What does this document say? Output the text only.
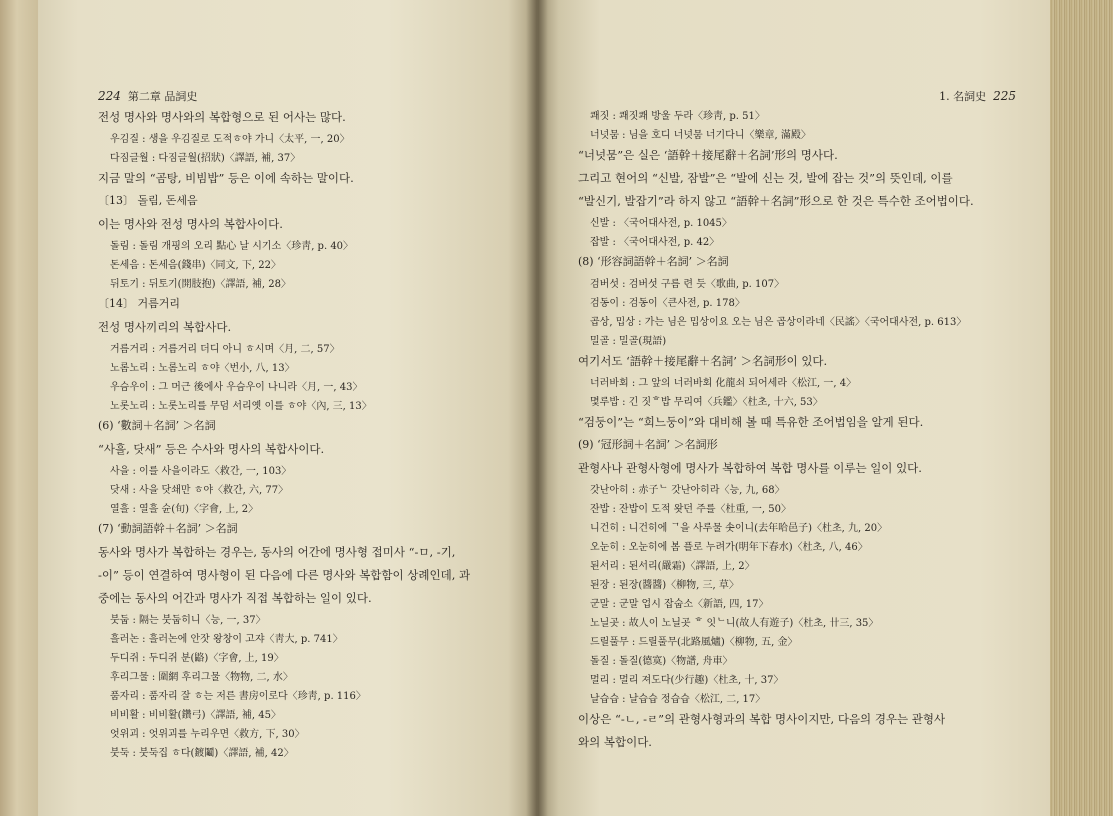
224 第二章 品詞史
전성 명사와 명사와의 복합형으로 된 어사는 많다.
우김질 : 생을 우김질로 도적ㅎ야 가니〈太平, 一, 20〉
다짐글월 : 다짐글월(招狀)〈譯語, 補, 37〉
지금 말의 “곰탕, 비빔밥” 등은 이에 속하는 말이다.
〔13〕 돌림, 돈세음
이는 명사와 전성 명사의 복합사이다.
돌림 : 돌림 개핑의 오리 點心 날 시기소〈珍靑, p. 40〉
돈세음 : 돈세음(錢串)〈同文, 下, 22〉
뒤토기 : 뒤토기(開肢抱)〈譯語, 補, 28〉
〔14〕 거름거리
전성 명사끼리의 복합사다.
거름거리 : 거름거리 더디 아니 ㅎ시며〈月, 二, 57〉
노롬노리 : 노롬노리 ㅎ야〈번小, 八, 13〉
우슴우이 : 그 머근 後에사 우슴우이 나니라〈月, 一, 43〉
노롯노리 : 노롯노리를 무덤 서리옛 이를 ㅎ야〈內, 三, 13〉
(6) ‘數詞＋名詞’ ＞名詞
“사흘, 닷새” 등은 수사와 명사의 복합사이다.
사을 : 이를 사을이라도〈救간, 一, 103〉
닷새 : 사을 닷쇄만 ㅎ야〈救간, 六, 77〉
열흘 : 열흘 슌(旬)〈字會, 上, 2〉
(7) ‘動詞語幹＋名詞’ ＞名詞
동사와 명사가 복합하는 경우는, 동사의 어간에 명사형 접미사 “-ㅁ, -기,
-이” 등이 연결하여 명사형이 된 다음에 다른 명사와 복합함이 상례인데, 과
중에는 동사의 어간과 명사가 직접 복합하는 일이 있다.
붓둡 : 隔는 붓둡히니〈능, 一, 37〉
흘러논 : 흘러논에 안잣 왕창이 고쟈〈靑大, p. 741〉
두디쥐 : 두디쥐 분(䶅)〈字會, 上, 19〉
후리그물 : 圍網 후리그물〈物物, 二, 水〉
품자리 : 품자리 잘 ㅎ는 저른 書房이로다〈珍靑, p. 116〉
비비활 : 비비활(鑽弓)〈譯語, 補, 45〉
엇위괴 : 엇위괴를 누리우면〈救方, 下, 30〉
붓둑 : 붓둑집 ㅎ다(鍍鬮)〈譯語, 補, 42〉
1. 名詞史 225
쾌짓 : 쾌짓쾌 방울 두라〈珍靑, p. 51〉
너넛뭄 : 님을 호디 너넛뭄 너기다니〈樂章, 滿殿〉
“너넛뭄”은 실은 ‘語幹＋接尾辭＋名詞’形의 명사다.
그리고 현어의 “신발, 잠발”은 “발에 신는 것, 발에 잡는 것”의 뜻인데, 이를
“발신기, 발잡기”라 하지 않고 “語幹＋名詞”形으로 한 것은 특수한 조어법이다.
신발 : 〈국어대사전, p. 1045〉
잡발 : 〈국어대사전, p. 42〉
(8) ‘形容詞語幹＋名詞’ ＞名詞
검버섯 : 검버섯 구름 련 듯〈歌曲, p. 107〉
검동이 : 검동이〈큰사전, p. 178〉
곱상, 밉상 : 가는 님은 밉상이요 오는 님은 곱상이라네〈民謠〉〈국어대사전, p. 613〉
밀골 : 밀골(現語)
여기서도 ‘語幹＋接尾辭＋名詞’ ＞名詞形이 있다.
너러바회 : 그 앞의 너러바회 化龍쇠 되어세라〈松江, 一, 4〉
몇루밥 : 긴 짓ᄒ밥 무리여〈兵鑑〉〈杜초, 十六, 53〉
“검둥이”는 “희느둥이”와 대비해 볼 때 특유한 조어법임을 알게 된다.
(9) ‘冠形詞＋名詞’ ＞名詞形
관형사나 관형사형에 명사가 복합하여 복합 명사를 이루는 일이 있다.
갓난아히 : 赤子ᄂ 갓난아히라〈능, 九, 68〉
잔밥 : 잔밥이 도적 왓던 주를〈杜重, 一, 50〉
니건히 : 니건히에 ᄀ을 사루물 솟이니(去年哈邑子)〈杜초, 九, 20〉
오눈히 : 오눈히에 봄 플로 누려가(明年下春水)〈杜초, 八, 46〉
된서리 : 된서리(嚴霜)〈譯語, 上, 2〉
된장 : 된장(醬醬)〈柳物, 三, 草〉
군말 : 군말 업시 잡숩소〈新語, 四, 17〉
노닐곳 : 故人이 노닐곳 ᄒ 잇ᄂ니(故人有遊子)〈杜초, 卄三, 35〉
드릴풀무 : 드릴풀무(北路風爐)〈柳物, 五, 金〉
돌질 : 돌질(德寞)〈物譜, 舟車〉
멀리 : 멀리 져도다(少行趣)〈杜초, 十, 37〉
날습습 : 날습습 정습습〈松江, 二, 17〉
이상은 “-ㄴ, -ㄹ”의 관형사형과의 복합 명사이지만, 다음의 경우는 관형사
와의 복합이다.
